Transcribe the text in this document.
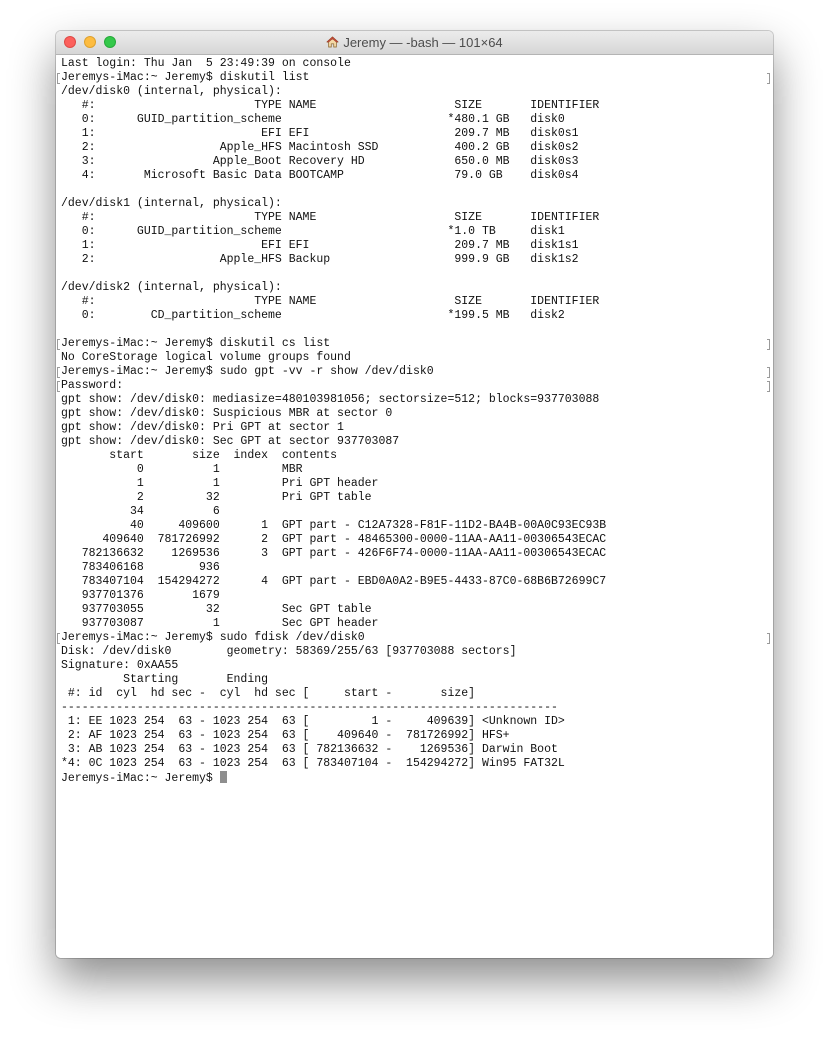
Jeremy — -bash — 101×64
Last login: Thu Jan  5 23:49:39 on console
Jeremys-iMac:~ Jeremy$ diskutil list
/dev/disk0 (internal, physical):
#:                       TYPE NAME                    SIZE       IDENTIFIER
0:      GUID_partition_scheme                        *480.1 GB   disk0
1:                        EFI EFI                     209.7 MB   disk0s1
2:                  Apple_HFS Macintosh SSD           400.2 GB   disk0s2
3:                 Apple_Boot Recovery HD             650.0 MB   disk0s3
4:       Microsoft Basic Data BOOTCAMP                79.0 GB    disk0s4
/dev/disk1 (internal, physical):
#:                       TYPE NAME                    SIZE       IDENTIFIER
0:      GUID_partition_scheme                        *1.0 TB     disk1
1:                        EFI EFI                     209.7 MB   disk1s1
2:                  Apple_HFS Backup                  999.9 GB   disk1s2
/dev/disk2 (internal, physical):
#:                       TYPE NAME                    SIZE       IDENTIFIER
0:        CD_partition_scheme                        *199.5 MB   disk2
Jeremys-iMac:~ Jeremy$ diskutil cs list
No CoreStorage logical volume groups found
Jeremys-iMac:~ Jeremy$ sudo gpt -vv -r show /dev/disk0
Password:
gpt show: /dev/disk0: mediasize=480103981056; sectorsize=512; blocks=937703088
gpt show: /dev/disk0: Suspicious MBR at sector 0
gpt show: /dev/disk0: Pri GPT at sector 1
gpt show: /dev/disk0: Sec GPT at sector 937703087
start       size  index  contents
0          1         MBR
1          1         Pri GPT header
2         32         Pri GPT table
34          6
40     409600      1  GPT part - C12A7328-F81F-11D2-BA4B-00A0C93EC93B
409640  781726992      2  GPT part - 48465300-0000-11AA-AA11-00306543ECAC
782136632    1269536      3  GPT part - 426F6F74-0000-11AA-AA11-00306543ECAC
783406168        936
783407104  154294272      4  GPT part - EBD0A0A2-B9E5-4433-87C0-68B6B72699C7
937701376       1679
937703055         32         Sec GPT table
937703087          1         Sec GPT header
Jeremys-iMac:~ Jeremy$ sudo fdisk /dev/disk0
Disk: /dev/disk0        geometry: 58369/255/63 [937703088 sectors]
Signature: 0xAA55
Starting       Ending
#: id  cyl  hd sec -  cyl  hd sec [     start -       size]
------------------------------------------------------------------------
1: EE 1023 254  63 - 1023 254  63 [         1 -     409639] <Unknown ID>
2: AF 1023 254  63 - 1023 254  63 [    409640 -  781726992] HFS+
3: AB 1023 254  63 - 1023 254  63 [ 782136632 -    1269536] Darwin Boot
*4: 0C 1023 254  63 - 1023 254  63 [ 783407104 -  154294272] Win95 FAT32L
Jeremys-iMac:~ Jeremy$
